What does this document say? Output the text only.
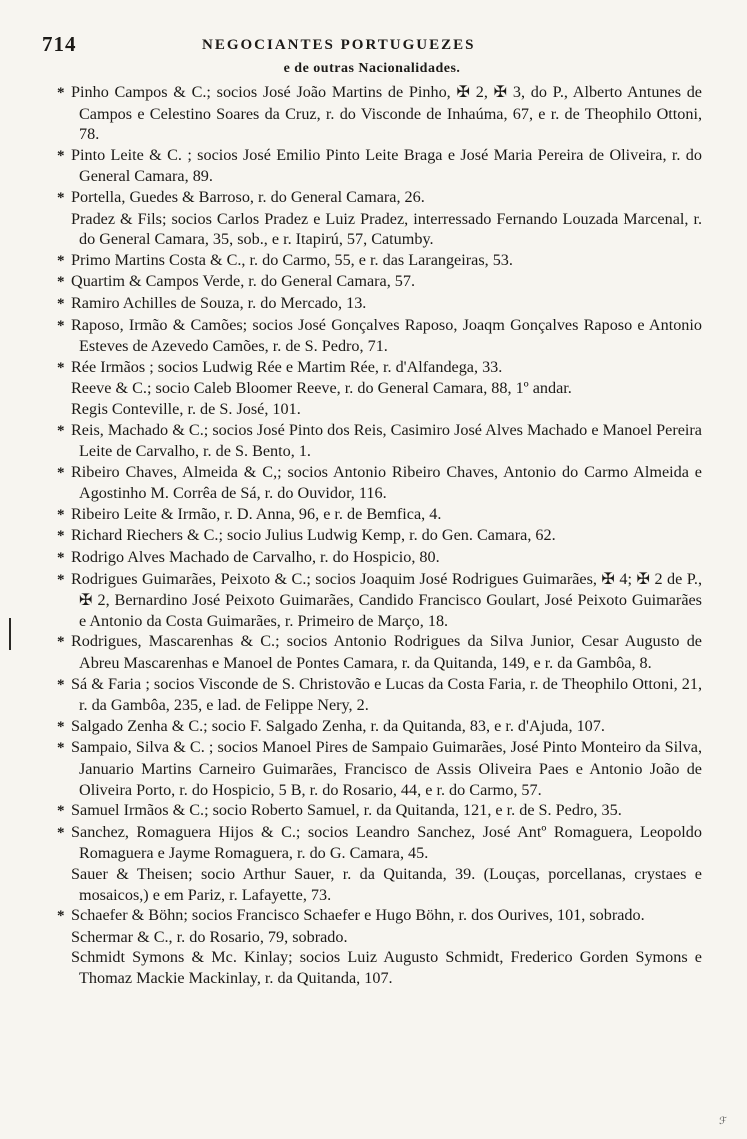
714	NEGOCIANTES PORTUGUEZES
e de outras Nacionalidades.

* Pinho Campos & C.; socios José João Martins de Pinho, ✠ 2, ✠ 3, do P., Alberto Antunes de Campos e Celestino Soares da Cruz, r. do Visconde de Inhaúma, 67, e r. de Theophilo Ottoni, 78.

* Pinto Leite & C. ; socios José Emilio Pinto Leite Braga e José Maria Pereira de Oliveira, r. do General Camara, 89.

* Portella, Guedes & Barroso, r. do General Camara, 26.

Pradez & Fils; socios Carlos Pradez e Luiz Pradez, interressado Fernando Louzada Marcenal, r. do General Camara, 35, sob., e r. Itapirú, 57, Catumby.

* Primo Martins Costa & C., r. do Carmo, 55, e r. das Larangeiras, 53.

* Quartim & Campos Verde, r. do General Camara, 57.

* Ramiro Achilles de Souza, r. do Mercado, 13.

* Raposo, Irmão & Camões; socios José Gonçalves Raposo, Joaqm Gonçalves Raposo e Antonio Esteves de Azevedo Camões, r. de S. Pedro, 71.

* Rée Irmãos ; socios Ludwig Rée e Martim Rée, r. d'Alfandega, 33.

Reeve & C.; socio Caleb Bloomer Reeve, r. do General Camara, 88, 1º andar.

Regis Conteville, r. de S. José, 101.

* Reis, Machado & C.; socios José Pinto dos Reis, Casimiro José Alves Machado e Manoel Pereira Leite de Carvalho, r. de S. Bento, 1.

* Ribeiro Chaves, Almeida & C,; socios Antonio Ribeiro Chaves, Antonio do Carmo Almeida e Agostinho M. Corrêa de Sá, r. do Ouvidor, 116.

* Ribeiro Leite & Irmão, r. D. Anna, 96, e r. de Bemfica, 4.

* Richard Riechers & C.; socio Julius Ludwig Kemp, r. do Gen. Camara, 62.

* Rodrigo Alves Machado de Carvalho, r. do Hospicio, 80.

* Rodrigues Guimarães, Peixoto & C.; socios Joaquim José Rodrigues Guimarães, ✠ 4; ✠ 2 de P., ✠ 2, Bernardino José Peixoto Guimarães, Candido Francisco Goulart, José Peixoto Guimarães e Antonio da Costa Guimarães, r. Primeiro de Março, 18.

* Rodrigues, Mascarenhas & C.; socios Antonio Rodrigues da Silva Junior, Cesar Augusto de Abreu Mascarenhas e Manoel de Pontes Camara, r. da Quitanda, 149, e r. da Gambôa, 8.

* Sá & Faria ; socios Visconde de S. Christovão e Lucas da Costa Faria, r. de Theophilo Ottoni, 21, r. da Gambôa, 235, e lad. de Felippe Nery, 2.

* Salgado Zenha & C.; socio F. Salgado Zenha, r. da Quitanda, 83, e r. d'Ajuda, 107.

* Sampaio, Silva & C. ; socios Manoel Pires de Sampaio Guimarães, José Pinto Monteiro da Silva, Januario Martins Carneiro Guimarães, Francisco de Assis Oliveira Paes e Antonio João de Oliveira Porto, r. do Hospicio, 5 B, r. do Rosario, 44, e r. do Carmo, 57.

* Samuel Irmãos & C.; socio Roberto Samuel, r. da Quitanda, 121, e r. de S. Pedro, 35.

* Sanchez, Romaguera Hijos & C.; socios Leandro Sanchez, José Antº Romaguera, Leopoldo Romaguera e Jayme Romaguera, r. do G. Camara, 45.

Sauer & Theisen; socio Arthur Sauer, r. da Quitanda, 39. (Louças, porcellanas, crystaes e mosaicos,) e em Pariz, r. Lafayette, 73.

* Schaefer & Böhn; socios Francisco Schaefer e Hugo Böhn, r. dos Ourives, 101, sobrado.

Schermar & C., r. do Rosario, 79, sobrado.

Schmidt Symons & Mc. Kinlay; socios Luiz Augusto Schmidt, Frederico Gorden Symons e Thomaz Mackie Mackinlay, r. da Quitanda, 107.

ℱ
